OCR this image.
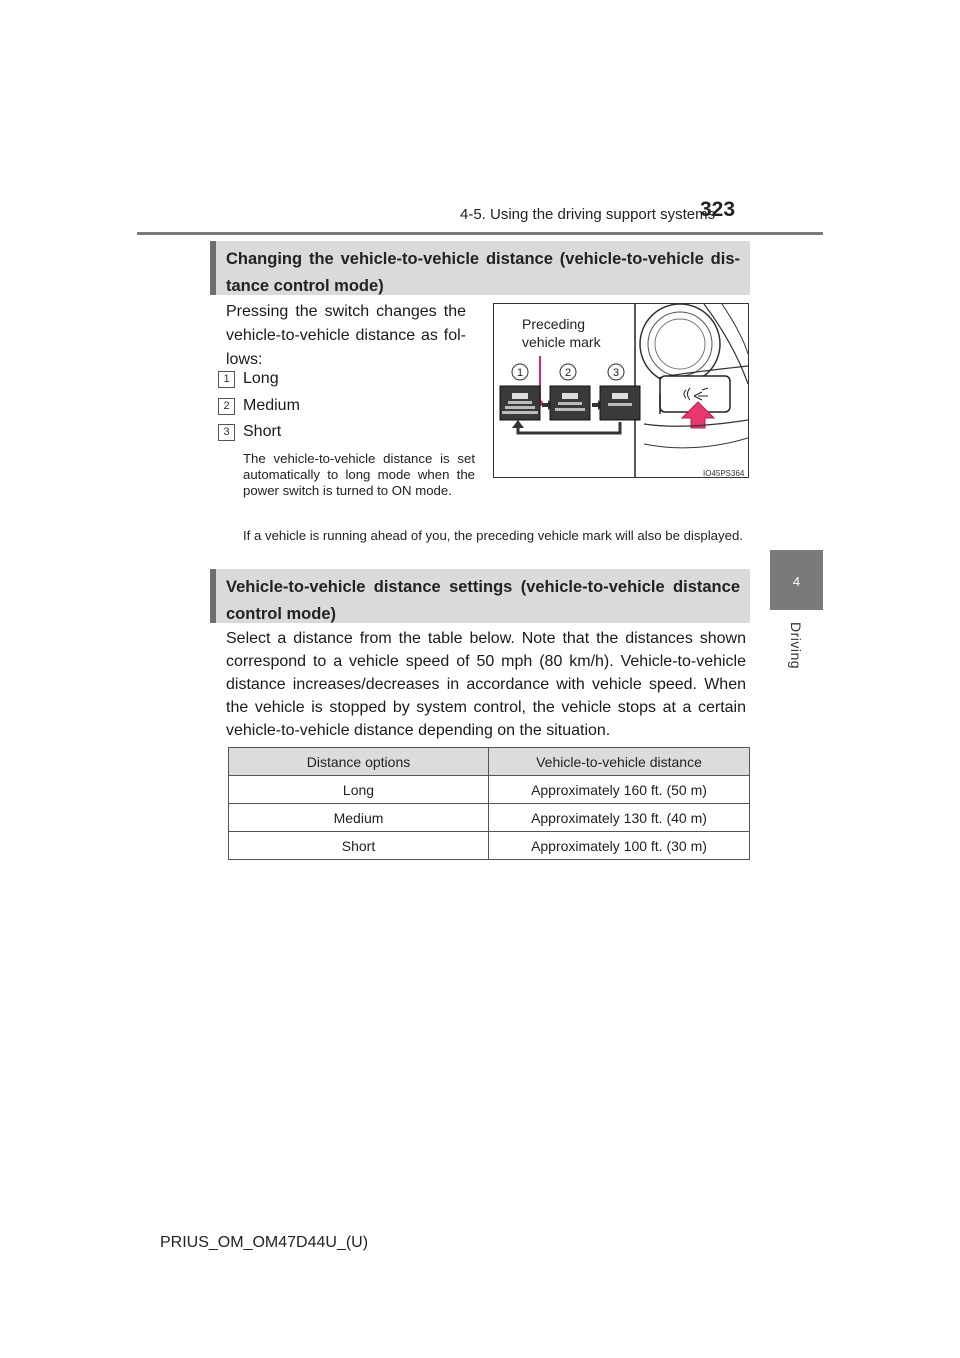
4-5. Using the driving support systems
323
4
Driving
Changing the vehicle-to-vehicle distance (vehicle-to-vehicle dis-tance control mode)
Pressing the switch changes the vehicle-to-vehicle distance as fol-lows:
1 Long
2 Medium
3 Short
The vehicle-to-vehicle distance is set automatically to long mode when the power switch is turned to ON mode.
If a vehicle is running ahead of you, the preceding vehicle mark will also be displayed.
1	2	3
Preceding
vehicle mark
IO45PS364
Vehicle-to-vehicle distance settings (vehicle-to-vehicle distance control mode)
Select a distance from the table below. Note that the distances shown correspond to a vehicle speed of 50 mph (80 km/h). Vehicle-to-vehicle distance increases/decreases in accordance with vehicle speed. When the vehicle is stopped by system control, the vehicle stops at a certain vehicle-to-vehicle distance depending on the situation.
Distance options	Vehicle-to-vehicle distance
Long	Approximately 160 ft. (50 m)
Medium	Approximately 130 ft. (40 m)
Short	Approximately 100 ft. (30 m)
PRIUS_OM_OM47D44U_(U)
